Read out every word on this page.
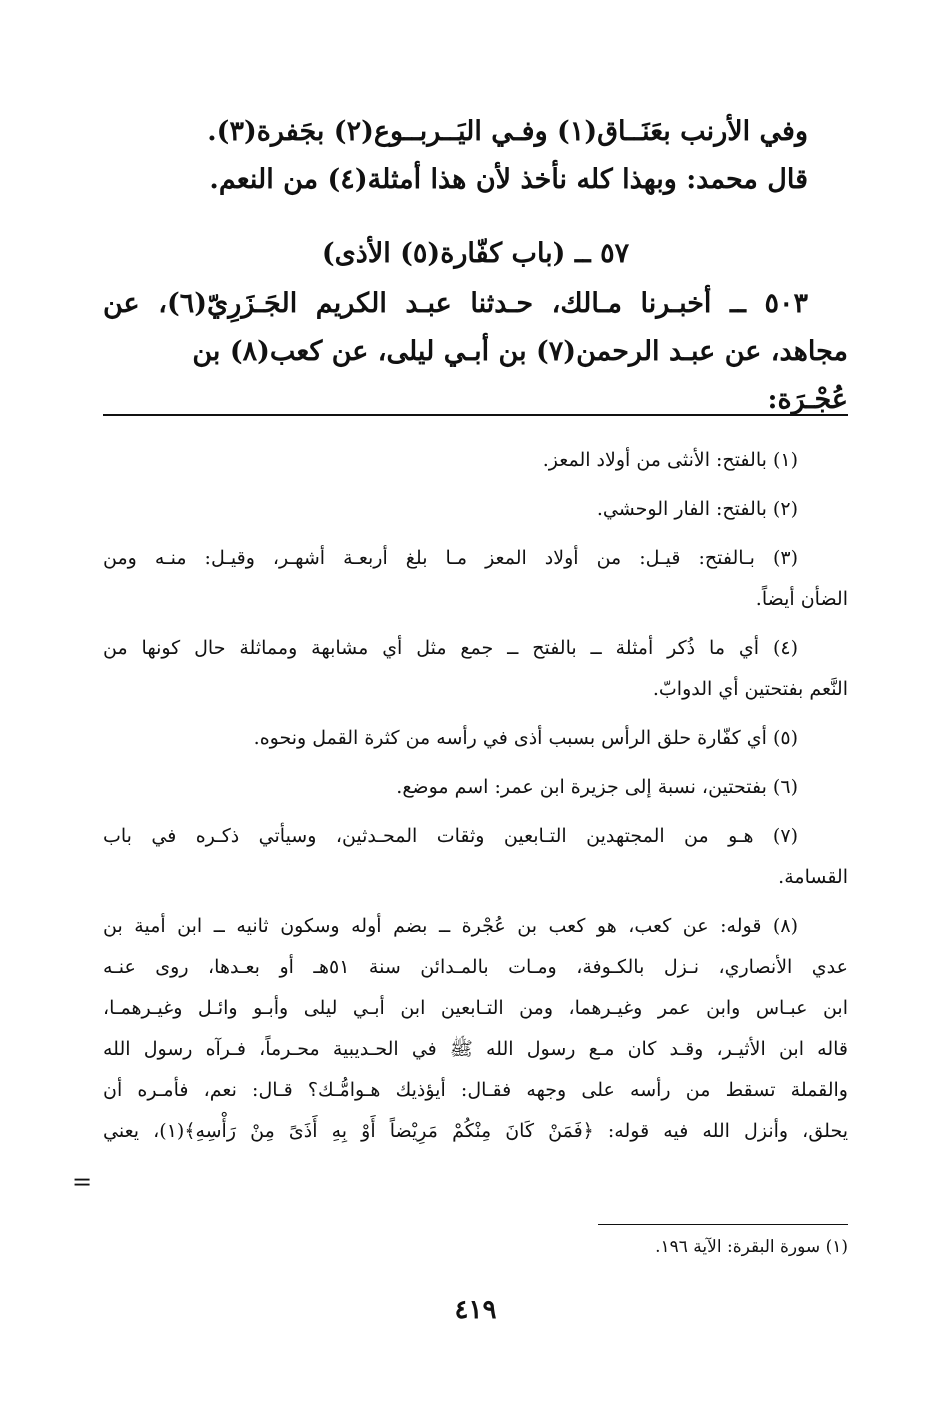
وفي الأرنب بعَنَــاق(١) وفـي اليَــربــوع(٢) بجَفرة(٣).

قال محمد: وبهذا كله نأخذ لأن هذا أمثلة(٤) من النعم.

٥٧ ــ (باب كفّارة(٥) الأذى)

٥٠٣ ــ أخبـرنا مـالك، حـدثنا عبـد الكريم الجَـزَرِيّ(٦)، عن

مجاهد، عن عبـد الرحمن(٧) بن أبـي ليلى، عن كعب(٨) بن عُجْـرَة:

(١) بالفتح: الأنثى من أولاد المعز.

(٢) بالفتح: الفار الوحشي.

(٣) بـالفتح: قيـل: من أولاد المعز مـا بلغ أربعـة أشهـر، وقيـل: منـه ومن
الضأن أيضاً.

(٤) أي ما ذُكر أمثلة ــ بالفتح ــ جمع مثل أي مشابهة ومماثلة حال كونها من
النَّعم بفتحتين أي الدوابّ.

(٥) أي كفّارة حلق الرأس بسبب أذى في رأسه من كثرة القمل ونحوه.

(٦) بفتحتين، نسبة إلى جزيرة ابن عمر: اسم موضع.

(٧) هـو من المجتهدين التـابعين وثقات المحـدثين، وسيأتي ذكـره في باب
القسامة.

(٨) قوله: عن كعب، هو كعب بن عُجْرة ــ بضم أوله وسكون ثانيه ــ ابن أمية بن
عدي الأنصاري، نـزل بالكـوفة، ومـات بالمـدائن سنة ٥١هـ أو بعـدها، روى عنـه
ابن عبـاس وابن عمر وغيـرهما، ومن التـابعين ابن أبـي ليلى وأبـو وائـل وغيـرهمـا،
قاله ابن الأثيـر، وقـد كان مـع رسول الله ﷺ في الحـديبية محـرماً، فـرآه رسول الله
والقملة تسقط من رأسه على وجهه فقـال: أيؤذيك هـوامُّـك؟ قـال: نعم، فأمـره أن
يحلق، وأنزل الله فيه قوله: ﴿فَمَنْ كَانَ مِنْكُمْ مَرِيْضاً أَوْ بِهِ أَذَىً مِنْ رَأْسِهِ﴾(١)، يعني

=

(١) سورة البقرة: الآية ١٩٦.

٤١٩
